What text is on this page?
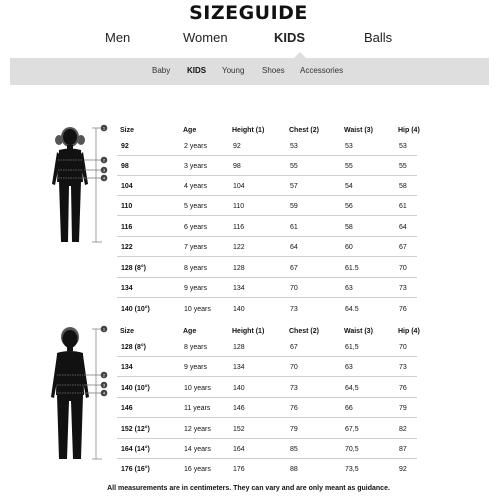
SIZEGUIDE
Men	Women	KIDS	Balls
Baby KIDS Young Shoes Accessories
1
2
3
4
1
2
3
4
Size	Age	Height (1)	Chest (2)	Waist (3)	Hip (4)
92	2 years	92	53	53	53
98	3 years	98	55	55	55
104	4 years	104	57	54	58
110	5 years	110	59	56	61
116	6 years	116	61	58	64
122	7 years	122	64	60	67
128 (8°)	8 years	128	67	61.5	70
134	9 years	134	70	63	73
140 (10°)	10 years	140	73	64.5	76
Size	Age	Height (1)	Chest (2)	Waist (3)	Hip (4)
128 (8°)	8 years	128	67	61,5	70
134	9 years	134	70	63	73
140 (10°)	10 years	140	73	64,5	76
146	11 years	146	76	66	79
152 (12°)	12 years	152	79	67,5	82
164 (14°)	14 years	164	85	70,5	87
176 (16°)	16 years	176	88	73,5	92
All measurements are in centimeters. They can vary and are only meant as guidance.
